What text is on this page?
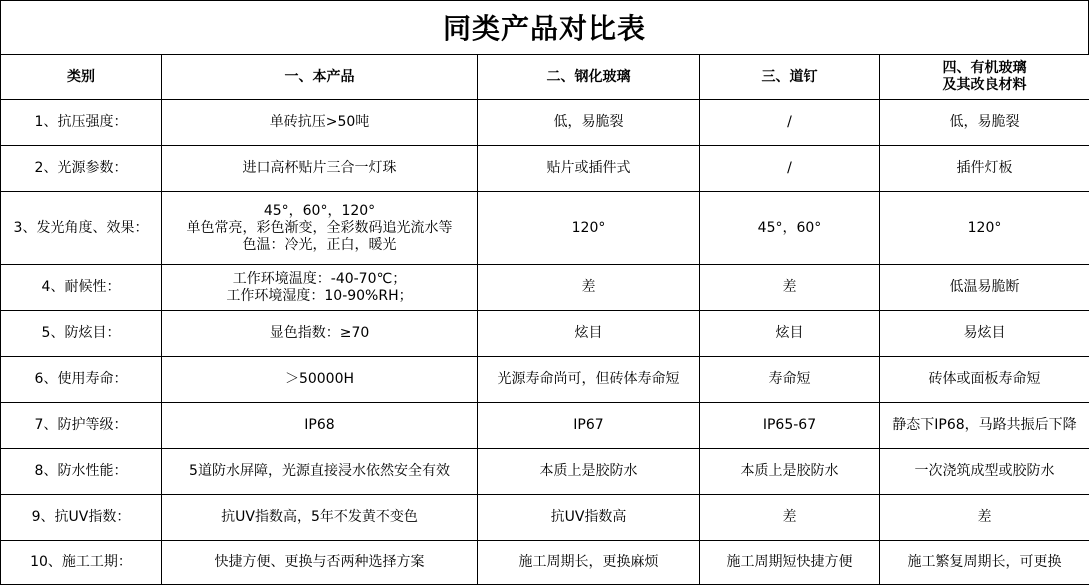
同类产品对比表
类别	一、本产品	二、钢化玻璃	三、道钉	四、有机玻璃
及其改良材料
1、抗压强度：	单砖抗压>50吨	低，易脆裂	/	低，易脆裂
2、光源参数：	进口高杯贴片三合一灯珠	贴片或插件式	/	插件灯板
3、发光角度、效果：	45°，60°，120°
单色常亮，彩色渐变，全彩数码追光流水等
色温：冷光，正白，暖光	120°	45°，60°	120°
4、耐候性：	工作环境温度：-40-70℃；
工作环境湿度：10-90%RH；	差	差	低温易脆断
5、防炫目：	显色指数：≥70	炫目	炫目	易炫目
6、使用寿命：	＞50000H	光源寿命尚可，但砖体寿命短	寿命短	砖体或面板寿命短
7、防护等级：	IP68	IP67	IP65-67	静态下IP68，马路共振后下降
8、防水性能：	5道防水屏障，光源直接浸水依然安全有效	本质上是胶防水	本质上是胶防水	一次浇筑成型或胶防水
9、抗UV指数：	抗UV指数高，5年不发黄不变色	抗UV指数高	差	差
10、施工工期：	快捷方便、更换与否两种选择方案	施工周期长，更换麻烦	施工周期短快捷方便	施工繁复周期长，可更换
